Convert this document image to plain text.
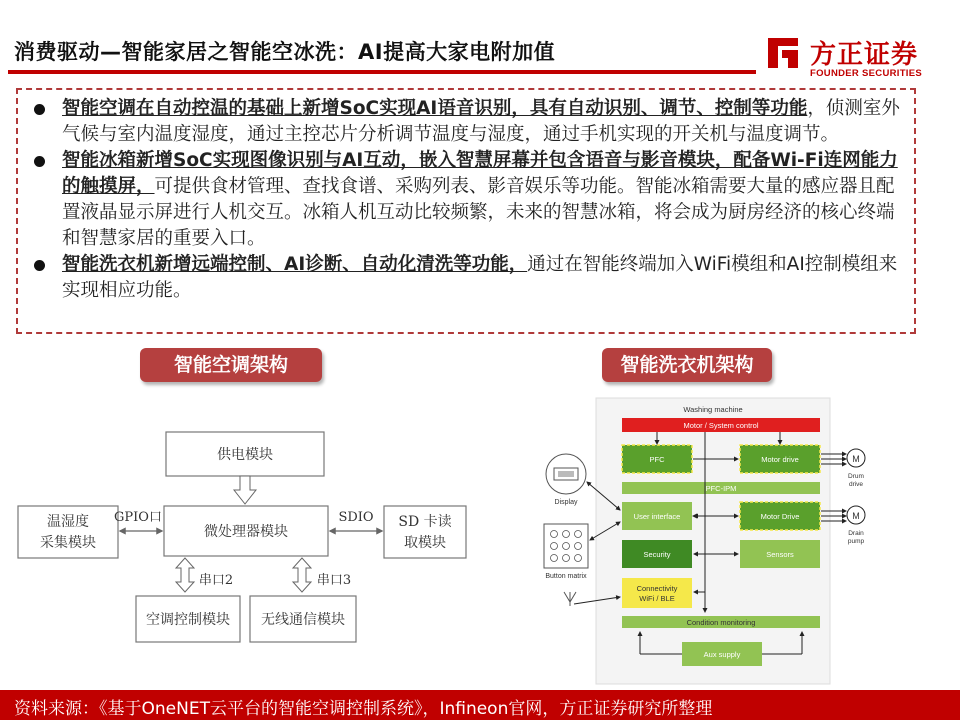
消费驱动—智能家居之智能空冰洗：AI提高大家电附加值	方正证券
FOUNDER SECURITIES
智能空调在自动控温的基础上新增SoC实现AI语音识别，具有自动识别、调节、控制等功能，侦测室外气候与室内温度湿度，通过主控芯片分析调节温度与湿度，通过手机实现的开关机与温度调节。
智能冰箱新增SoC实现图像识别与AI互动，嵌入智慧屏幕并包含语音与影音模块，配备Wi-Fi连网能力的触摸屏，可提供食材管理、查找食谱、采购列表、影音娱乐等功能。智能冰箱需要大量的感应器且配置液晶显示屏进行人机交互。冰箱人机互动比较频繁，未来的智慧冰箱，将会成为厨房经济的核心终端和智慧家居的重要入口。
智能洗衣机新增远端控制、AI诊断、自动化清洗等功能，通过在智能终端加入WiFi模组和AI控制模组来实现相应功能。
智能空调架构	智能洗衣机架构
供电模块
微处理器模块
温湿度
采集模块
GPIO口	SD 卡读
取模块
SDIO
串口2	串口3
空调控制模块 无线通信模块
Washing machine
Motor / System control
PFC	Motor drive
PFC-IPM
User interface	Motor Drive
Security	Sensors
Connectivity
WiFi / BLE
Condition monitoring
Aux supply
Display
Button matrix
M
Drum
drive
M
Drain
pump
资料来源：《基于OneNET云平台的智能空调控制系统》，Infineon官网，方正证券研究所整理
